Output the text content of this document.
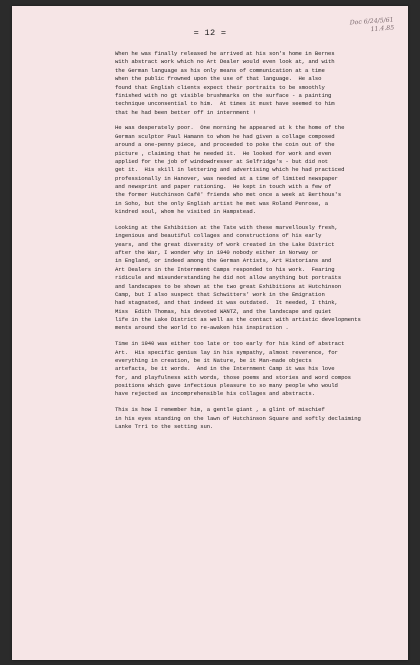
Doc 6/24/5/61
11.4.85
= 12 =

When he was finally released he arrived at his son's home in Bernes

with abstract work which no Art Dealer would even look at, and with

the German language as his only means of communication at a time

when the public frowned upon the use of that language.  He also

found that English clients expect their portraits to be smoothly

finished with no gt visible brushmarks on the surface - a painting

technique unconsential to him.  At times it must have seemed to him

that he had been better off in internment !

He was desperately poor.  One morning he appeared at k the home of the

German sculptor Paul Hamann to whom he had given a collage composed

around a one-penny piece, and proceeded to poke the coin out of the

picture , claiming that he needed it.  He looked for work and even

applied for the job of windowdresser at Selfridge's - but did not

get it.  His skill in lettering and advertising which he had practiced

professionally in Hanover, was needed at a time of limited newspaper

and newsprint and paper rationing.  He kept in touch with a few of

the former Hutchinson Café' friends who met once a week at Berthous's

in Soho, but the only English artist he met was Roland Penrose, a

kindred soul, whom he visited in Hampstead.

Looking at the Exhibition at the Tate with these marvellously fresh,

ingenious and beautiful collages and constructions of his early

years, and the great diversity of work created in the Lake District

after the War, I wonder why in 1940 nobody either in Norway or

in England, or indeed among the German Artists, Art Historians and

Art Dealers in the Internment Camps responded to his work.  Fearing

ridicule and misunderstanding he did not allow anything but portraits

and landscapes to be shown at the two great Exhibitions at Hutchinson

Camp, but I also suspect that Schwitters' work in the Emigration

had stagnated, and that indeed it was outdated.  It needed, I think,

Miss  Edith Thomas, his devoted WANTZ, and the landscape and quiet

life in the Lake District as well as the contact with artistic developments

ments around the world to re-awaken his inspiration .

Time in 1940 was either too late or too early for his kind of abstract

Art.  His specific genius lay in his sympathy, almost reverence, for

everything in creation, be it Nature, be it Man-made objects

artefacts, be it words.  And in the Internment Camp it was his love

for, and playfulness with words, those poems and stories and word compos

positions which gave infectious pleasure to so many people who would

have rejected as incomprehensible his collages and abstracts.

This is how I remember him, a gentle giant , a glint of mischief

in his eyes standing on the lawn of Hutchinson Square and softly declaiming

Lanke Trr1 to the setting sun.
